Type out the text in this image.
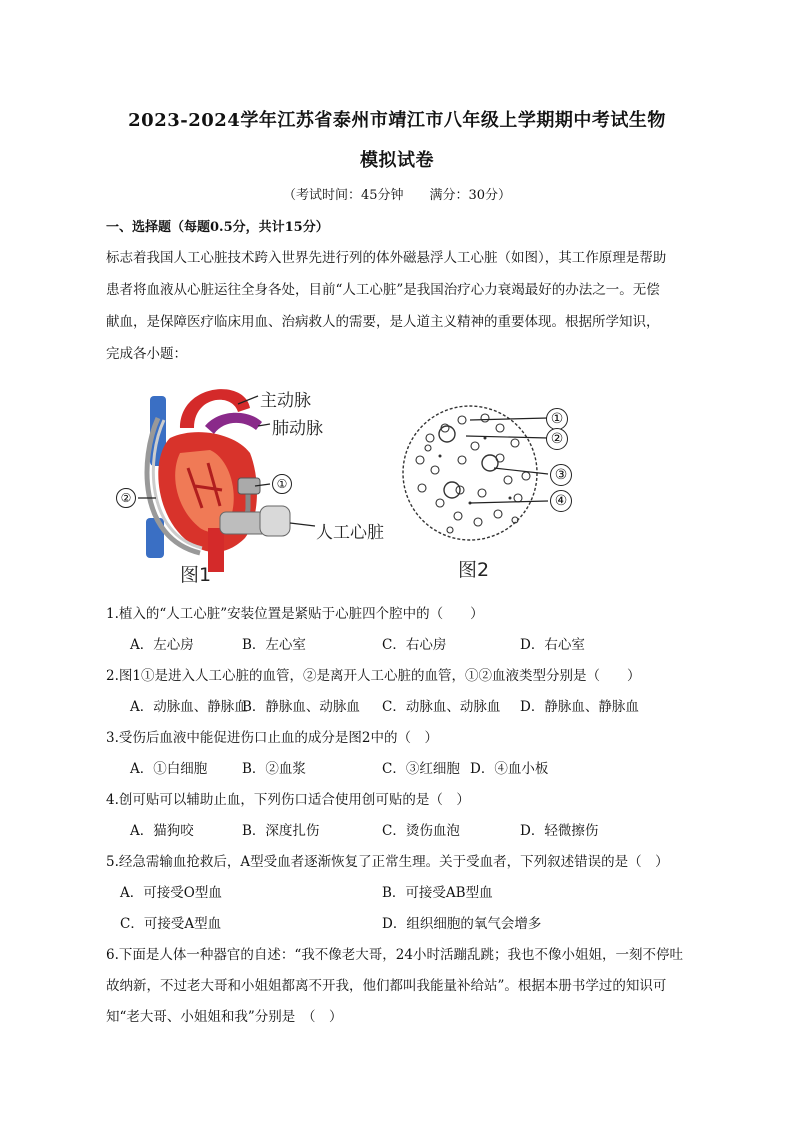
2023-2024学年江苏省泰州市靖江市八年级上学期期中考试生物
模拟试卷
（考试时间：45分钟　　满分：30分）
一、选择题（每题0.5分，共计15分）
标志着我国人工心脏技术跨入世界先进行列的体外磁悬浮人工心脏（如图），其工作原理是帮助
患者将血液从心脏运往全身各处，目前“人工心脏”是我国治疗心力衰竭最好的办法之一。无偿
献血，是保障医疗临床用血、治病救人的需要，是人道主义精神的重要体现。根据所学知识，
完成各小题：
主动脉
肺动脉
人工心脏
①
②
图1
①
②
③
④
图2
1.植入的“人工心脏”安装位置是紧贴于心脏四个腔中的（　　）
A．左心房	B．左心室	C．右心房	D．右心室
2.图1①是进入人工心脏的血管，②是离开人工心脏的血管，①②血液类型分别是（　　）
A．动脉血、静脉血
B．静脉血、动脉血 C．动脉血、动脉血 D．静脉血、静脉血
3.受伤后血液中能促进伤口止血的成分是图2中的（　）
A．①白细胞	B．②血浆	C．③红细胞 D．④血小板
4.创可贴可以辅助止血，下列伤口适合使用创可贴的是（　）
A．猫狗咬	B．深度扎伤	C．烫伤血泡	D．轻微擦伤
5.经急需输血抢救后，A型受血者逐渐恢复了正常生理。关于受血者，下列叙述错误的是（　）
A．可接受O型血	B．可接受AB型血
C．可接受A型血	D．组织细胞的氧气会增多
6.下面是人体一种器官的自述：“我不像老大哥，24小时活蹦乱跳；我也不像小姐姐，一刻不停吐
故纳新，不过老大哥和小姐姐都离不开我，他们都叫我能量补给站”。根据本册书学过的知识可
知“老大哥、小姐姐和我”分别是　（　）
